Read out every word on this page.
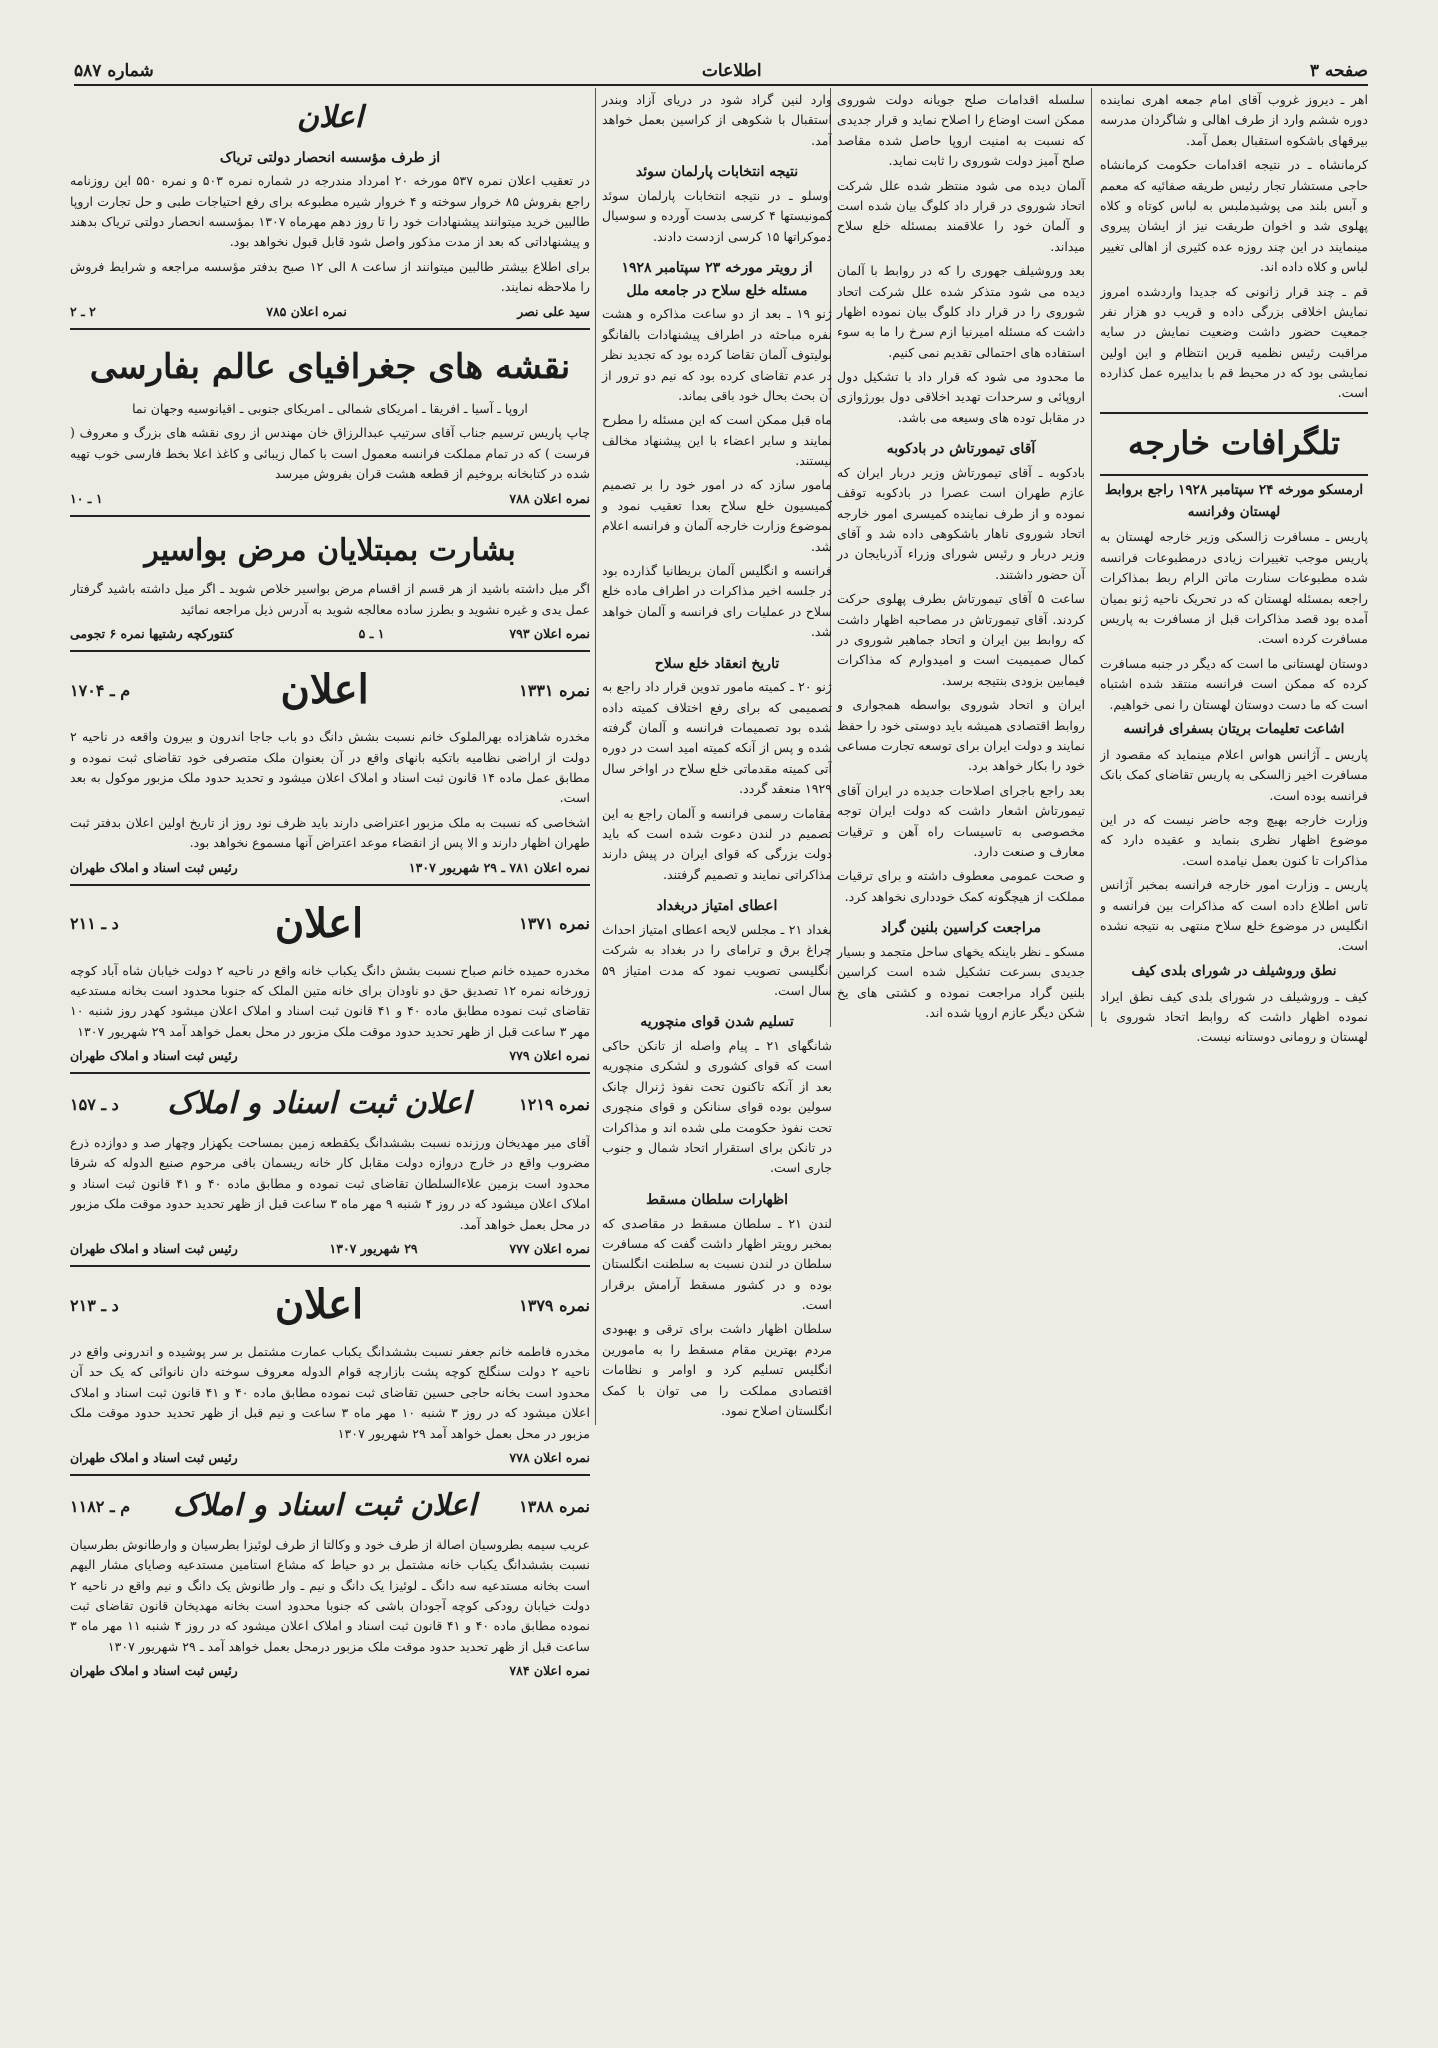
صفحه ۳
اطلاعات
شماره ۵۸۷

اهر ـ دیروز غروب آقای امام جمعه اهری نماینده دوره ششم وارد از طرف اهالی و شاگردان مدرسه بیرقهای باشکوه استقبال بعمل آمد.

کرمانشاه ـ در نتیجه اقدامات حکومت کرمانشاه حاجی مستشار تجار رئیس طریقه صفائیه که معمم و آبس بلند می پوشیدملبس به لباس کوتاه و کلاه پهلوی شد و اخوان طریقت نیز از ایشان پیروی مینمایند در این چند روزه عده کثیری از اهالی تغییر لباس و کلاه داده اند.

قم ـ چند قرار زانونی که جدیدا واردشده امروز نمایش اخلاقی بزرگی داده و قریب دو هزار نفر جمعیت حضور داشت وضعیت نمایش در سایه مراقبت رئیس نظمیه قرین انتظام و این اولین نمایشی بود که در محیط قم با بداییره عمل کذارده است.

تلگرافات خارجه
ارمسکو مورخه ۲۴ سپتامبر ۱۹۲۸ راجع بروابط لهستان وفرانسه

پاریس ـ مسافرت زالسکی وزیر خارجه لهستان به پاریس موجب تغییرات زیادی درمطبوعات فرانسه شده مطبوعات سنارت ماتن الرام ربط بمذاکرات راجعه بمسئله لهستان که در تحریک ناحیه ژنو بمیان آمده بود قصد مذاکرات قبل از مسافرت به پاریس مسافرت کرده است.

دوستان لهستانی ما است که دیگر در جنبه مسافرت کرده که ممکن است فرانسه منتقد شده اشتباه است که ما دست دوستان لهستان را نمی خواهیم.

اشاعت تعلیمات بریتان بسفرای فرانسه

پاریس ـ آژانس هواس اعلام مینماید که مقصود از مسافرت اخیر زالسکی به پاریس تقاضای کمک بانک فرانسه بوده است.

وزارت خارجه بهیچ وجه حاضر نیست که در این موضوع اظهار نظری بنماید و عقیده دارد که مذاکرات تا کنون بعمل نیامده است.

پاریس ـ وزارت امور خارجه فرانسه بمخبر آژانس تاس اطلاع داده است که مذاکرات بین فرانسه و انگلیس در موضوع خلع سلاح منتهی به نتیجه نشده است.

نطق وروشیلف در شورای بلدی کیف

کیف ـ وروشیلف در شورای بلدی کیف نطق ایراد نموده اظهار داشت که روابط اتحاد شوروی با لهستان و رومانی دوستانه نیست.

سلسله اقدامات صلح جویانه دولت شوروی ممکن است اوضاع را اصلاح نماید و قرار جدیدی که نسبت به امنیت اروپا حاصل شده مقاصد صلح آمیز دولت شوروی را ثابت نماید.

آلمان دیده می شود منتظر شده علل شرکت اتحاد شوروی در قرار داد کلوگ بیان شده است و آلمان خود را علاقمند بمسئله خلع سلاح میداند.

بعد وروشیلف جهوری را که در روابط با آلمان دیده می شود متذکر شده علل شرکت اتحاد شوروی را در قرار داد کلوگ بیان نموده اظهار داشت که مسئله امیرنیا ازم سرخ را ما به سوء استفاده های احتمالی تقدیم نمی کنیم.

ما محدود می شود که قرار داد با تشکیل دول اروپائی و سرحدات تهدید اخلاقی دول بورژوازی در مقابل توده های وسیعه می باشد.

آقای تیمورتاش در بادکوبه

بادکوبه ـ آقای تیمورتاش وزیر دربار ایران که عازم طهران است عصرا در بادکوبه توقف نموده و از طرف نماینده کمیسری امور خارجه اتحاد شوروی ناهار باشکوهی داده شد و آقای وزیر دربار و رئیس شورای وزراء آذربایجان در آن حضور داشتند.

ساعت ۵ آقای تیمورتاش بطرف پهلوی حرکت کردند. آقای تیمورتاش در مصاحبه اظهار داشت که روابط بین ایران و اتحاد جماهیر شوروی در کمال صمیمیت است و امیدوارم که مذاکرات فیمابین بزودی بنتیجه برسد.

ایران و اتحاد شوروی بواسطه همجواری و روابط اقتصادی همیشه باید دوستی خود را حفظ نمایند و دولت ایران برای توسعه تجارت مساعی خود را بکار خواهد برد.

بعد راجع باجرای اصلاحات جدیده در ایران آقای تیمورتاش اشعار داشت که دولت ایران توجه مخصوصی به تاسیسات راه آهن و ترقیات معارف و صنعت دارد.

و صحت عمومی معطوف داشته و برای ترقیات مملکت از هیچگونه کمک خودداری نخواهد کرد.

مراجعت کراسین بلنین گراد

مسکو ـ نظر باینکه یخهای ساحل متجمد و بسیار جدیدی بسرعت تشکیل شده است کراسین بلنین گراد مراجعت نموده و کشتی های یخ شکن دیگر عازم اروپا شده اند.

وارد لنین گراد شود در دریای آزاد وبندر استقبال با شکوهی از کراسین بعمل خواهد آمد.

نتیجه انتخابات پارلمان سوئد

اوسلو ـ در نتیجه انتخابات پارلمان سوئد کمونیستها ۴ کرسی بدست آورده و سوسیال دموکراتها ۱۵ کرسی ازدست دادند.

از رویتر مورخه ۲۳ سپتامبر ۱۹۲۸ مسئله خلع سلاح در جامعه ملل

ژنو ۱۹ ـ بعد از دو ساعت مذاکره و هشت نفره مباحثه در اطراف پیشنهادات بالفانگو بولیتوف آلمان تقاضا کرده بود که تجدید نظر در عدم تقاضای کرده بود که نیم دو ترور از آن بحث بحال خود باقی بماند.

ماه قبل ممکن است که این مسئله را مطرح نمایند و سایر اعضاء با این پیشنهاد مخالف نیستند.

مامور سازد که در امور خود را بر تصمیم کمیسیون خلع سلاح بعدا تعقیب نمود و بموضوع وزارت خارجه آلمان و فرانسه اعلام شد.

فرانسه و انگلیس آلمان بریطانیا گذارده بود در جلسه اخیر مذاکرات در اطراف ماده خلع سلاح در عملیات رای فرانسه و آلمان خواهد شد.

تاریخ انعقاد خلع سلاح

ژنو ۲۰ ـ کمیته مامور تدوین قرار داد راجع به تصمیمی که برای رفع اختلاف کمیته داده شده بود تصمیمات فرانسه و آلمان گرفته شده و پس از آنکه کمیته امید است در دوره آتی کمیته مقدماتی خلع سلاح در اواخر سال ۱۹۲۹ منعقد گردد.

مقامات رسمی فرانسه و آلمان راجع به این تصمیم در لندن دعوت شده است که باید دولت بزرگی که قوای ایران در پیش دارند مذاکراتی نمایند و تصمیم گرفتند.

اعطای امتیاز دربغداد

بغداد ۲۱ ـ مجلس لایحه اعطای امتیاز احداث چراغ برق و ترامای را در بغداد به شرکت انگلیسی تصویب نمود که مدت امتیاز ۵۹ سال است.

تسلیم شدن قوای منچوریه

شانگهای ۲۱ ـ پیام واصله از تانکن حاکی است که قوای کشوری و لشکری منچوریه بعد از آنکه تاکنون تحت نفوذ ژنرال چانک سولین بوده قوای سنانکن و قوای منچوری تحت نفوذ حکومت ملی شده اند و مذاکرات در تانکن برای استقرار اتحاد شمال و جنوب جاری است.

اظهارات سلطان مسقط

لندن ۲۱ ـ سلطان مسقط در مقاصدی که بمخبر رویتر اظهار داشت گفت که مسافرت سلطان در لندن نسبت به سلطنت انگلستان بوده و در کشور مسقط آرامش برقرار است.

سلطان اظهار داشت برای ترقی و بهبودی مردم بهترین مقام مسقط را به مامورین انگلیس تسلیم کرد و اوامر و نظامات اقتصادی مملکت را می توان با کمک انگلستان اصلاح نمود.

اعلان
از طرف مؤسسه انحصار دولتی تریاک

در تعقیب اعلان نمره ۵۳۷ مورخه ۲۰ امرداد مندرجه در شماره نمره ۵۰۳ و نمره ۵۵۰ این روزنامه راجع بفروش ۸۵ خروار سوخته و ۴ خروار شیره مطبوعه برای رفع احتیاجات طبی و حل تجارت اروپا طالبین خرید میتوانند پیشنهادات خود را تا روز دهم مهرماه ۱۳۰۷ بمؤسسه انحصار دولتی تریاک بدهند و پیشنهاداتی که بعد از مدت مذکور واصل شود قابل قبول نخواهد بود.

برای اطلاع بیشتر طالبین میتوانند از ساعت ۸ الی ۱۲ صبح بدفتر مؤسسه مراجعه و شرایط فروش را ملاحظه نمایند.

سید علی نصر
نمره اعلان ۷۸۵
۲ ـ ۲
نقشه های جغرافیای عالم بفارسی

اروپا ـ آسیا ـ افریقا ـ امریکای شمالی ـ امریکای جنوبی ـ اقیانوسیه وجهان نما

چاپ پاریس ترسیم جناب آقای سرتیپ عبدالرزاق خان مهندس از روی نقشه های بزرگ و معروف ( فرست ) که در تمام مملکت فرانسه معمول است با کمال زیبائی و کاغذ اعلا بخط فارسی خوب تهیه شده در کتابخانه بروخیم از قطعه هشت قران بفروش میرسد

نمره اعلان ۷۸۸
۱ ـ ۱۰
بشارت بمبتلایان مرض بواسیر

اگر میل داشته باشید از هر قسم از اقسام مرض بواسیر خلاص شوید ـ اگر میل داشته باشید گرفتار عمل یدی و غیره نشوید و بطرز ساده معالجه شوید به آدرس ذیل مراجعه نمائید

نمره اعلان ۷۹۳
۱ ـ ۵
کنتورکچه رشتیها نمره ۶ تجومی
نمره ۱۳۳۱
اعلان
م ـ ۱۷۰۴

مخدره شاهزاده بهرالملوک خانم نسبت بشش دانگ دو باب جاجا اندرون و بیرون واقعه در ناحیه ۲ دولت از اراضی نظامیه باتکیه بانهای واقع در آن بعنوان ملک متصرفی خود تقاضای ثبت نموده و مطابق عمل ماده ۱۴ قانون ثبت اسناد و املاک اعلان میشود و تحدید حدود ملک مزبور موکول به بعد است.

اشخاصی که نسبت به ملک مزبور اعتراضی دارند باید ظرف نود روز از تاریخ اولین اعلان بدفتر ثبت طهران اظهار دارند و الا پس از انقضاء موعد اعتراض آنها مسموع نخواهد بود.

نمره اعلان ۷۸۱ ـ ۲۹ شهریور ۱۳۰۷
رئیس ثبت اسناد و املاک طهران
نمره ۱۳۷۱
اعلان
د ـ ۲۱۱

مخدره حمیده خانم صباح نسبت بشش دانگ یکباب خانه واقع در ناحیه ۲ دولت خیابان شاه آباد کوچه زورخانه نمره ۱۲ تصدیق حق دو ناودان برای خانه متین الملک که جنوبا محدود است بخانه مستدعیه تقاضای ثبت نموده مطابق ماده ۴۰ و ۴۱ قانون ثبت اسناد و املاک اعلان میشود کهدر روز شنبه ۱۰ مهر ۳ ساعت قبل از ظهر تحدید حدود موقت ملک مزبور در محل بعمل خواهد آمد ۲۹ شهریور ۱۳۰۷

نمره اعلان ۷۷۹
رئیس ثبت اسناد و املاک طهران
نمره ۱۲۱۹
اعلان ثبت اسناد و املاک
د ـ ۱۵۷

آقای میر مهدیخان ورزنده نسبت بششدانگ یکقطعه زمین بمساحت یکهزار وچهار صد و دوازده ذرع مضروب واقع در خارج دروازه دولت مقابل کار خانه ریسمان بافی مرحوم صنیع الدوله که شرقا محدود است بزمین علاءالسلطان تقاضای ثبت نموده و مطابق ماده ۴۰ و ۴۱ قانون ثبت اسناد و املاک اعلان میشود که در روز ۴ شنبه ۹ مهر ماه ۳ ساعت قبل از ظهر تحدید حدود موقت ملک مزبور در محل بعمل خواهد آمد.

نمره اعلان ۷۷۷
۲۹ شهریور ۱۳۰۷
رئیس ثبت اسناد و املاک طهران
نمره ۱۳۷۹
اعلان
د ـ ۲۱۳

مخدره فاطمه خانم جعفر نسبت بششدانگ یکباب عمارت مشتمل بر سر پوشیده و اندرونی واقع در ناحیه ۲ دولت سنگلج کوچه پشت بازارچه قوام الدوله معروف سوخته دان نانوائی که یک حد آن محدود است بخانه حاجی حسین تقاضای ثبت نموده مطابق ماده ۴۰ و ۴۱ قانون ثبت اسناد و املاک اعلان میشود که در روز ۳ شنبه ۱۰ مهر ماه ۳ ساعت و نیم قبل از ظهر تحدید حدود موقت ملک مزبور در محل بعمل خواهد آمد ۲۹ شهریور ۱۳۰۷

نمره اعلان ۷۷۸
رئیس ثبت اسناد و املاک طهران
نمره ۱۳۸۸
اعلان ثبت اسناد و املاک
م ـ ۱۱۸۲

عریب سیمه بطروسیان اصالة از طرف خود و وکالتا از طرف لوئیزا بطرسیان و وارطانوش بطرسیان نسبت بششدانگ یکباب خانه مشتمل بر دو حیاط که مشاع استامین مستدعیه وصایای مشار الیهم است بخانه مستدعیه سه دانگ ـ لوئیزا یک دانگ و نیم ـ وار طانوش یک دانگ و نیم واقع در ناحیه ۲ دولت خیابان رودکی کوچه آجودان باشی که جنوبا محدود است بخانه مهدیخان قانون تقاضای ثبت نموده مطابق ماده ۴۰ و ۴۱ قانون ثبت اسناد و املاک اعلان میشود که در روز ۴ شنبه ۱۱ مهر ماه ۳ ساعت قبل از ظهر تحدید حدود موقت ملک مزبور درمحل بعمل خواهد آمد ـ ۲۹ شهریور ۱۳۰۷

نمره اعلان ۷۸۴
رئیس ثبت اسناد و املاک طهران
